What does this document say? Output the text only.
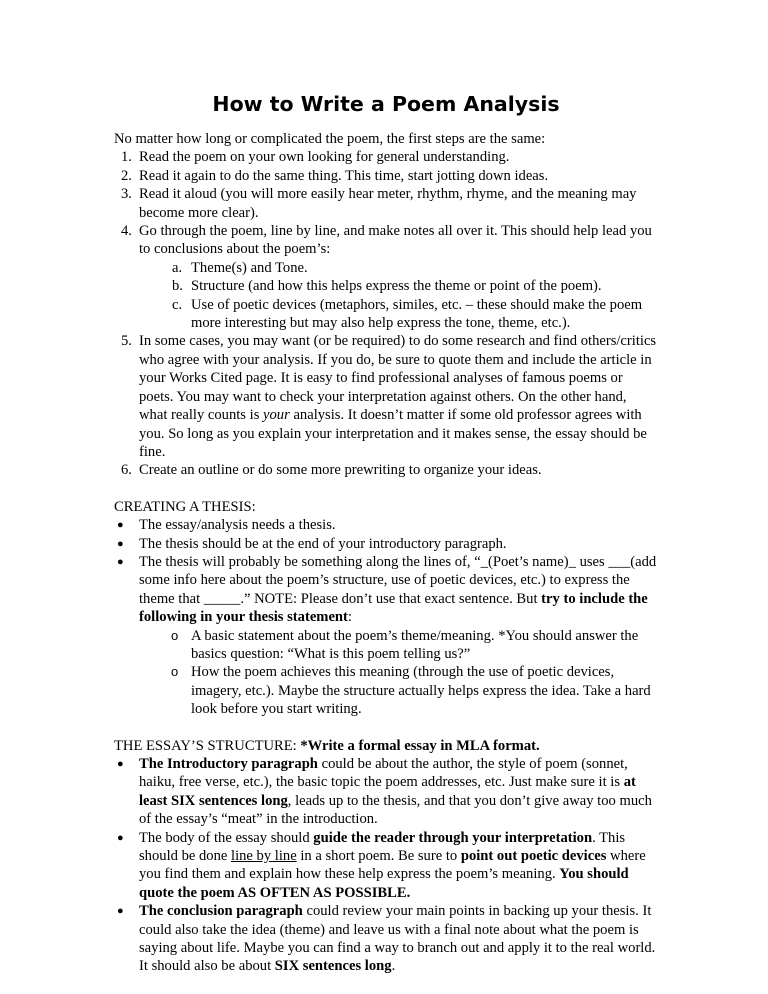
How to Write a Poem Analysis

No matter how long or complicated the poem, the first steps are the same:

1. Read the poem on your own looking for general understanding.
2. Read it again to do the same thing. This time, start jotting down ideas.
3. Read it aloud (you will more easily hear meter, rhythm, rhyme, and the meaning may become more clear).
4. Go through the poem, line by line, and make notes all over it. This should help lead you to conclusions about the poem’s:
a. Theme(s) and Tone.
b. Structure (and how this helps express the theme or point of the poem).
c. Use of poetic devices (metaphors, similes, etc. – these should make the poem more interesting but may also help express the tone, theme, etc.).
5. In some cases, you may want (or be required) to do some research and find others/critics who agree with your analysis. If you do, be sure to quote them and include the article in your Works Cited page. It is easy to find professional analyses of famous poems or poets. You may want to check your interpretation against others. On the other hand, what really counts is your analysis. It doesn’t matter if some old professor agrees with you. So long as you explain your interpretation and it makes sense, the essay should be fine.
6. Create an outline or do some more prewriting to organize your ideas.

CREATING A THESIS:

● The essay/analysis needs a thesis.
● The thesis should be at the end of your introductory paragraph.
● The thesis will probably be something along the lines of, “_(Poet’s name)_ uses ___(add some info here about the poem’s structure, use of poetic devices, etc.) to express the theme that _____.” NOTE: Please don’t use that exact sentence. But try to include the following in your thesis statement:
o A basic statement about the poem’s theme/meaning. *You should answer the basics question: “What is this poem telling us?”
o How the poem achieves this meaning (through the use of poetic devices, imagery, etc.). Maybe the structure actually helps express the idea. Take a hard look before you start writing.

THE ESSAY’S STRUCTURE: *Write a formal essay in MLA format.

● The Introductory paragraph could be about the author, the style of poem (sonnet, haiku, free verse, etc.), the basic topic the poem addresses, etc. Just make sure it is at least SIX sentences long, leads up to the thesis, and that you don’t give away too much of the essay’s “meat” in the introduction.
● The body of the essay should guide the reader through your interpretation. This should be done line by line in a short poem. Be sure to point out poetic devices where you find them and explain how these help express the poem’s meaning. You should quote the poem AS OFTEN AS POSSIBLE.
● The conclusion paragraph could review your main points in backing up your thesis. It could also take the idea (theme) and leave us with a final note about what the poem is saying about life. Maybe you can find a way to branch out and apply it to the real world. It should also be about SIX sentences long.
